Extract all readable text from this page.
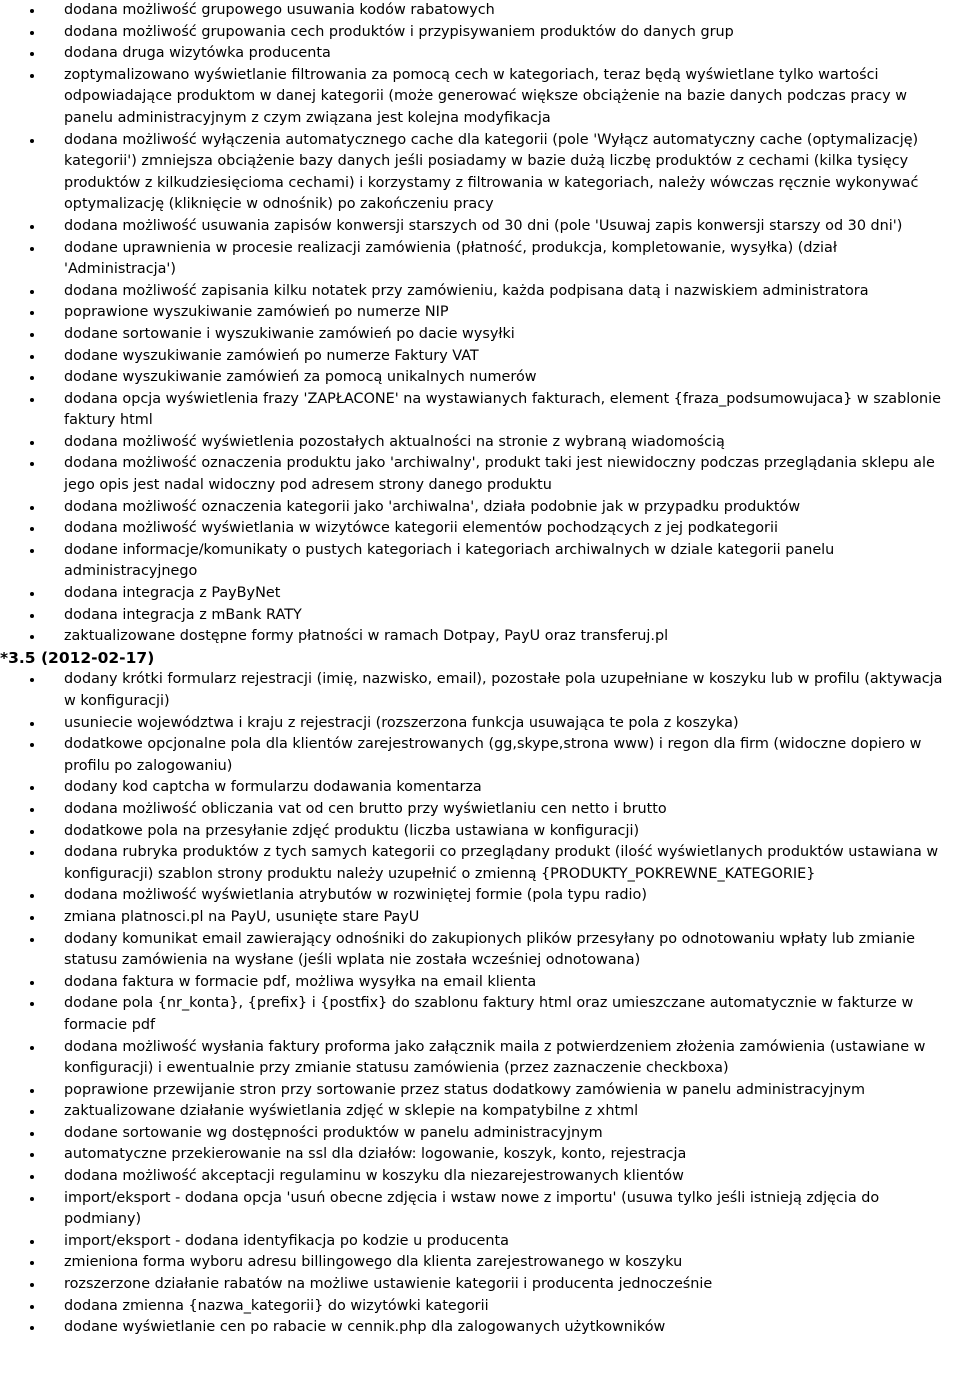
dodana możliwość grupowego usuwania kodów rabatowych
dodana możliwość grupowania cech produktów i przypisywaniem produktów do danych grup
dodana druga wizytówka producenta
zoptymalizowano wyświetlanie filtrowania za pomocą cech w kategoriach, teraz będą wyświetlane tylko wartości odpowiadające produktom w danej kategorii (może generować większe obciążenie na bazie danych podczas pracy w panelu administracyjnym z czym związana jest kolejna modyfikacja
dodana możliwość wyłączenia automatycznego cache dla kategorii (pole 'Wyłącz automatyczny cache (optymalizację) kategorii') zmniejsza obciążenie bazy danych jeśli posiadamy w bazie dużą liczbę produktów z cechami (kilka tysięcy produktów z kilkudziesięcioma cechami) i korzystamy z filtrowania w kategoriach, należy wówczas ręcznie wykonywać optymalizację (kliknięcie w odnośnik) po zakończeniu pracy
dodana możliwość usuwania zapisów konwersji starszych od 30 dni (pole 'Usuwaj zapis konwersji starszy od 30 dni')
dodane uprawnienia w procesie realizacji zamówienia (płatność, produkcja, kompletowanie, wysyłka) (dział 'Administracja')
dodana możliwość zapisania kilku notatek przy zamówieniu, każda podpisana datą i nazwiskiem administratora
poprawione wyszukiwanie zamówień po numerze NIP
dodane sortowanie i wyszukiwanie zamówień po dacie wysyłki
dodane wyszukiwanie zamówień po numerze Faktury VAT
dodane wyszukiwanie zamówień za pomocą unikalnych numerów
dodana opcja wyświetlenia frazy 'ZAPŁACONE' na wystawianych fakturach, element {fraza_podsumowujaca} w szablonie faktury html
dodana możliwość wyświetlenia pozostałych aktualności na stronie z wybraną wiadomością
dodana możliwość oznaczenia produktu jako 'archiwalny', produkt taki jest niewidoczny podczas przeglądania sklepu ale jego opis jest nadal widoczny pod adresem strony danego produktu
dodana możliwość oznaczenia kategorii jako 'archiwalna', działa podobnie jak w przypadku produktów
dodana możliwość wyświetlania w wizytówce kategorii elementów pochodzących z jej podkategorii
dodane informacje/komunikaty o pustych kategoriach i kategoriach archiwalnych w dziale kategorii panelu administracyjnego
dodana integracja z PayByNet
dodana integracja z mBank RATY
zaktualizowane dostępne formy płatności w ramach Dotpay, PayU oraz transferuj.pl
*3.5 (2012-02-17)
dodany krótki formularz rejestracji (imię, nazwisko, email), pozostałe pola uzupełniane w koszyku lub w profilu (aktywacja w konfiguracji)
usuniecie województwa i kraju z rejestracji (rozszerzona funkcja usuwająca te pola z koszyka)
dodatkowe opcjonalne pola dla klientów zarejestrowanych (gg,skype,strona www) i regon dla firm (widoczne dopiero w profilu po zalogowaniu)
dodany kod captcha w formularzu dodawania komentarza
dodana możliwość obliczania vat od cen brutto przy wyświetlaniu cen netto i brutto
dodatkowe pola na przesyłanie zdjęć produktu (liczba ustawiana w konfiguracji)
dodana rubryka produktów z tych samych kategorii co przeglądany produkt (ilość wyświetlanych produktów ustawiana w konfiguracji) szablon strony produktu należy uzupełnić o zmienną {PRODUKTY_POKREWNE_KATEGORIE}
dodana możliwość wyświetlania atrybutów w rozwiniętej formie (pola typu radio)
zmiana platnosci.pl na PayU, usunięte stare PayU
dodany komunikat email zawierający odnośniki do zakupionych plików przesyłany po odnotowaniu wpłaty lub zmianie statusu zamówienia na wysłane (jeśli wplata nie została wcześniej odnotowana)
dodana faktura w formacie pdf, możliwa wysyłka na email klienta
dodane pola {nr_konta}, {prefix} i {postfix} do szablonu faktury html oraz umieszczane automatycznie w fakturze w formacie pdf
dodana możliwość wysłania faktury proforma jako załącznik maila z potwierdzeniem złożenia zamówienia (ustawiane w konfiguracji) i ewentualnie przy zmianie statusu zamówienia (przez zaznaczenie checkboxa)
poprawione przewijanie stron przy sortowanie przez status dodatkowy zamówienia w panelu administracyjnym
zaktualizowane działanie wyświetlania zdjęć w sklepie na kompatybilne z xhtml
dodane sortowanie wg dostępności produktów w panelu administracyjnym
automatyczne przekierowanie na ssl dla działów: logowanie, koszyk, konto, rejestracja
dodana możliwość akceptacji regulaminu w koszyku dla niezarejestrowanych klientów
import/eksport - dodana opcja 'usuń obecne zdjęcia i wstaw nowe z importu' (usuwa tylko jeśli istnieją zdjęcia do podmiany)
import/eksport - dodana identyfikacja po kodzie u producenta
zmieniona forma wyboru adresu billingowego dla klienta zarejestrowanego w koszyku
rozszerzone działanie rabatów na możliwe ustawienie kategorii i producenta jednocześnie
dodana zmienna {nazwa_kategorii} do wizytówki kategorii
dodane wyświetlanie cen po rabacie w cennik.php dla zalogowanych użytkowników
